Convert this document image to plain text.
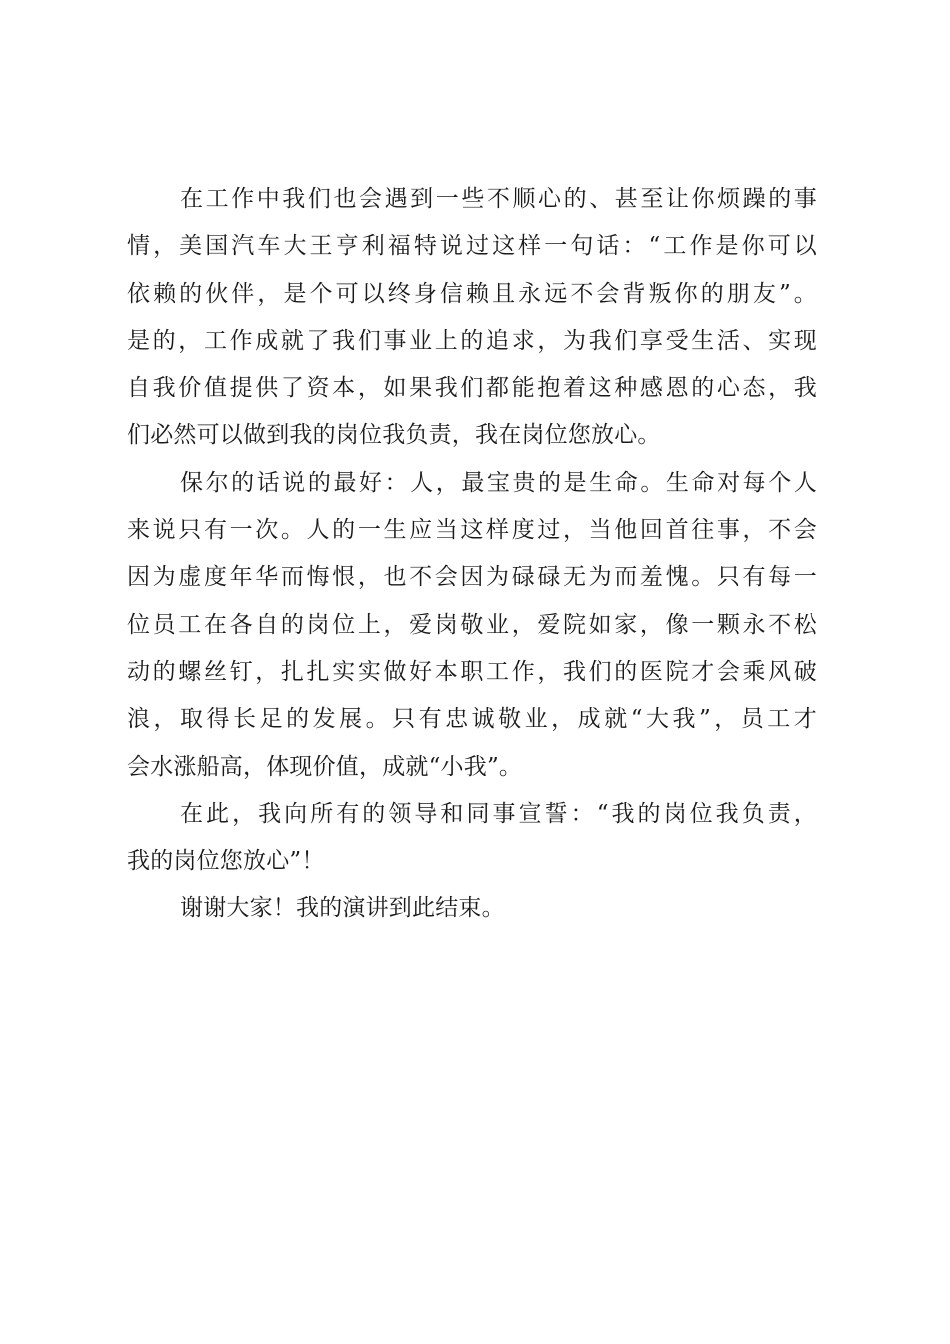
在工作中我们也会遇到一些不顺心的、甚至让你烦躁的事
情，美国汽车大王亨利福特说过这样一句话：“工作是你可以
依赖的伙伴，是个可以终身信赖且永远不会背叛你的朋友”。
是的，工作成就了我们事业上的追求，为我们享受生活、实现
自我价值提供了资本，如果我们都能抱着这种感恩的心态，我
们必然可以做到我的岗位我负责，我在岗位您放心。
保尔的话说的最好：人，最宝贵的是生命。生命对每个人
来说只有一次。人的一生应当这样度过，当他回首往事，不会
因为虚度年华而悔恨，也不会因为碌碌无为而羞愧。只有每一
位员工在各自的岗位上，爱岗敬业，爱院如家，像一颗永不松
动的螺丝钉，扎扎实实做好本职工作，我们的医院才会乘风破
浪，取得长足的发展。只有忠诚敬业，成就“大我”，员工才
会水涨船高，体现价值，成就“小我”。
在此，我向所有的领导和同事宣誓：“我的岗位我负责，
我的岗位您放心”！
谢谢大家！我的演讲到此结束。
